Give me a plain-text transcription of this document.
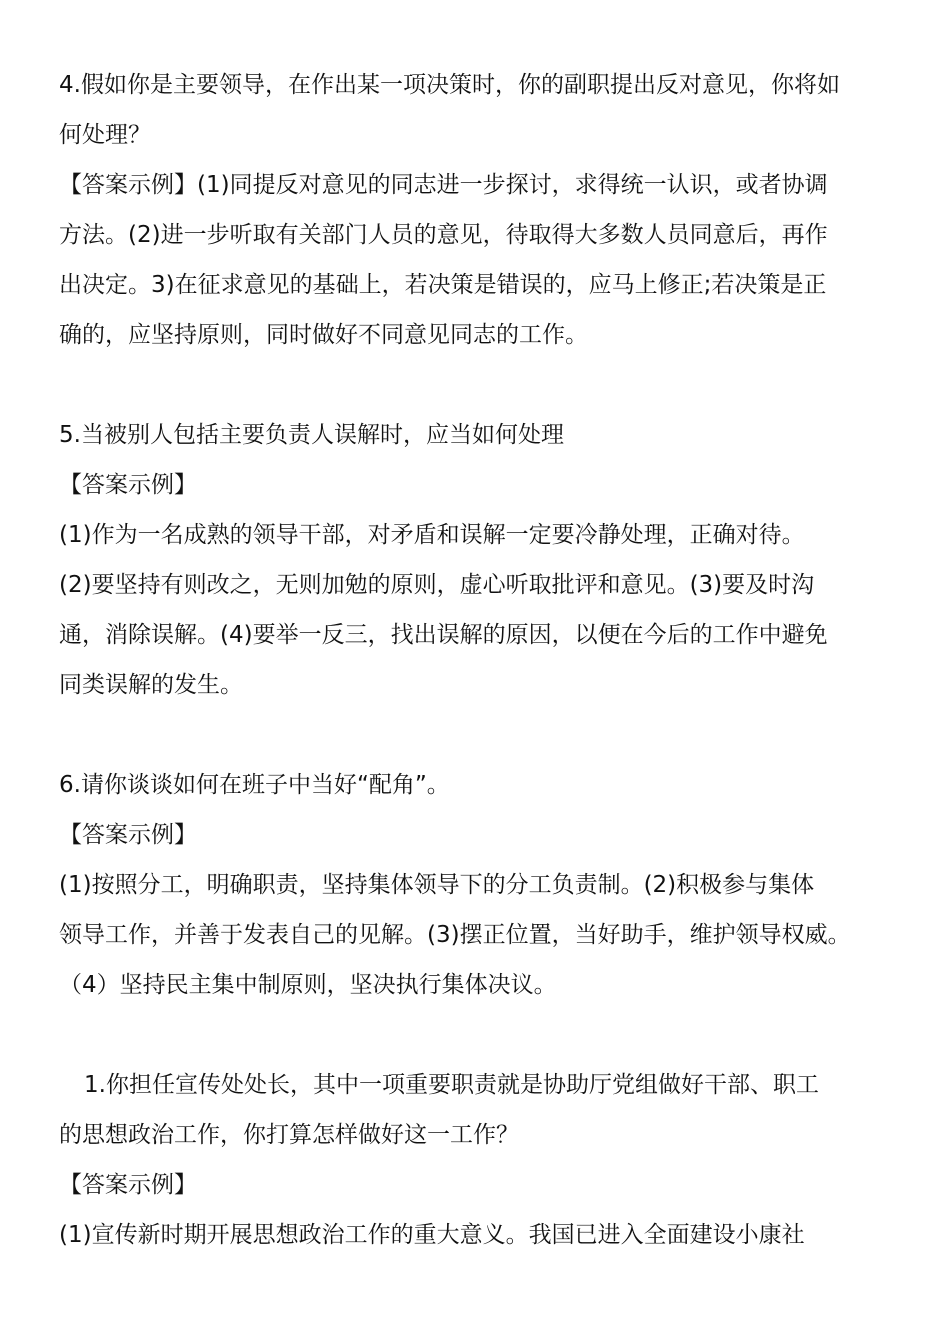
4.假如你是主要领导，在作出某一项决策时，你的副职提出反对意见，你将如
何处理？
【答案示例】(1)同提反对意见的同志进一步探讨，求得统一认识，或者协调
方法。(2)进一步听取有关部门人员的意见，待取得大多数人员同意后，再作
出决定。3)在征求意见的基础上，若决策是错误的，应马上修正;若决策是正
确的，应坚持原则，同时做好不同意见同志的工作。
5.当被别人包括主要负责人误解时，应当如何处理
【答案示例】
(1)作为一名成熟的领导干部，对矛盾和误解一定要冷静处理，正确对待。
(2)要坚持有则改之，无则加勉的原则，虚心听取批评和意见。(3)要及时沟
通，消除误解。(4)要举一反三，找出误解的原因，以便在今后的工作中避免
同类误解的发生。
6.请你谈谈如何在班子中当好“配角”。
【答案示例】
(1)按照分工，明确职责，坚持集体领导下的分工负责制。(2)积极参与集体
领导工作，并善于发表自己的见解。(3)摆正位置，当好助手，维护领导权威。
（4）坚持民主集中制原则，坚决执行集体决议。
1.你担任宣传处处长，其中一项重要职责就是协助厅党组做好干部、职工
的思想政治工作，你打算怎样做好这一工作？
【答案示例】
(1)宣传新时期开展思想政治工作的重大意义。我国已进入全面建设小康社
